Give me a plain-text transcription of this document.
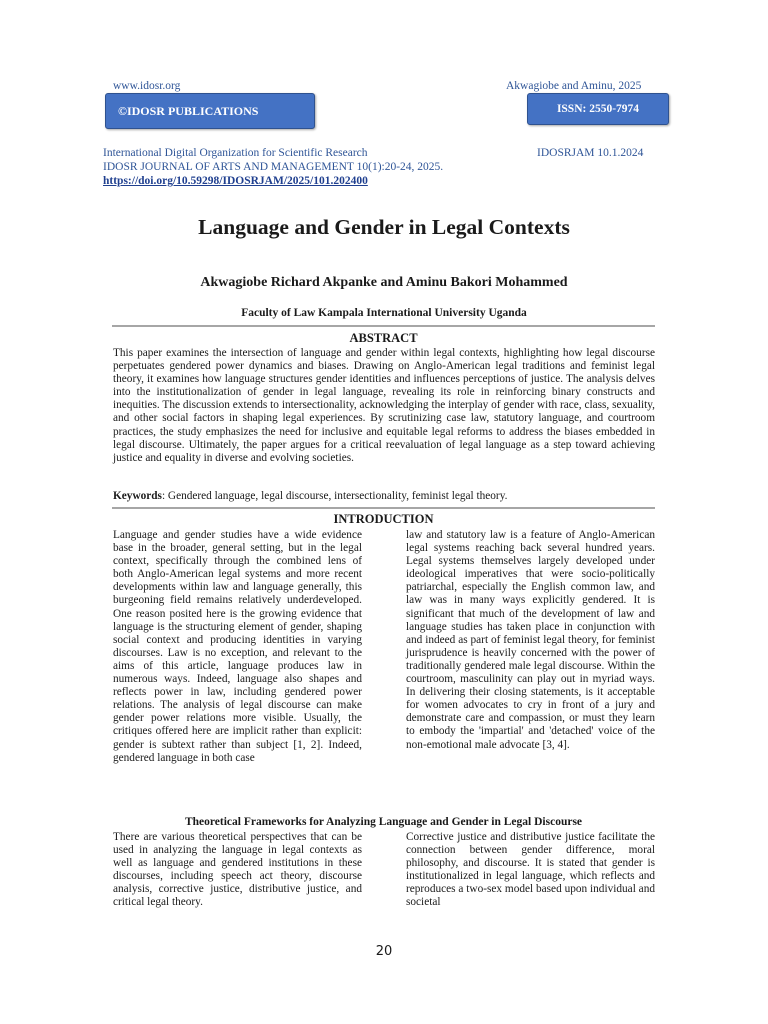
www.idosr.org	Akwagiobe and Aminu, 2025
©IDOSR PUBLICATIONS	ISSN: 2550-7974
International Digital Organization for Scientific Research	IDOSRJAM 10.1.2024
IDOSR JOURNAL OF ARTS AND MANAGEMENT 10(1):20-24, 2025.
https://doi.org/10.59298/IDOSRJAM/2025/101.202400
Language and Gender in Legal Contexts
Akwagiobe Richard Akpanke and Aminu Bakori Mohammed
Faculty of Law Kampala International University Uganda
ABSTRACT
This paper examines the intersection of language and gender within legal contexts, highlighting how legal discourse perpetuates gendered power dynamics and biases. Drawing on Anglo-American legal traditions and feminist legal theory, it examines how language structures gender identities and influences perceptions of justice. The analysis delves into the institutionalization of gender in legal language, revealing its role in reinforcing binary constructs and inequities. The discussion extends to intersectionality, acknowledging the interplay of gender with race, class, sexuality, and other social factors in shaping legal experiences. By scrutinizing case law, statutory language, and courtroom practices, the study emphasizes the need for inclusive and equitable legal reforms to address the biases embedded in legal discourse. Ultimately, the paper argues for a critical reevaluation of legal language as a step toward achieving justice and equality in diverse and evolving societies.
Keywords: Gendered language, legal discourse, intersectionality, feminist legal theory.
INTRODUCTION
Language and gender studies have a wide evidence base in the broader, general setting, but in the legal context, specifically through the combined lens of both Anglo-American legal systems and more recent developments within law and language generally, this burgeoning field remains relatively underdeveloped. One reason posited here is the growing evidence that language is the structuring element of gender, shaping social context and producing identities in varying discourses. Law is no exception, and relevant to the aims of this article, language produces law in numerous ways. Indeed, language also shapes and reflects power in law, including gendered power relations. The analysis of legal discourse can make gender power relations more visible. Usually, the critiques offered here are implicit rather than explicit: gender is subtext rather than subject [1, 2]. Indeed, gendered language in both case
law and statutory law is a feature of Anglo-American legal systems reaching back several hundred years. Legal systems themselves largely developed under ideological imperatives that were socio-politically patriarchal, especially the English common law, and law was in many ways explicitly gendered. It is significant that much of the development of law and language studies has taken place in conjunction with and indeed as part of feminist legal theory, for feminist jurisprudence is heavily concerned with the power of traditionally gendered male legal discourse. Within the courtroom, masculinity can play out in myriad ways. In delivering their closing statements, is it acceptable for women advocates to cry in front of a jury and demonstrate care and compassion, or must they learn to embody the 'impartial' and 'detached' voice of the non-emotional male advocate [3, 4].
Theoretical Frameworks for Analyzing Language and Gender in Legal Discourse
There are various theoretical perspectives that can be used in analyzing the language in legal contexts as well as language and gendered institutions in these discourses, including speech act theory, discourse analysis, corrective justice, distributive justice, and critical legal theory.
Corrective justice and distributive justice facilitate the connection between gender difference, moral philosophy, and discourse. It is stated that gender is institutionalized in legal language, which reflects and reproduces a two-sex model based upon individual and societal
20
